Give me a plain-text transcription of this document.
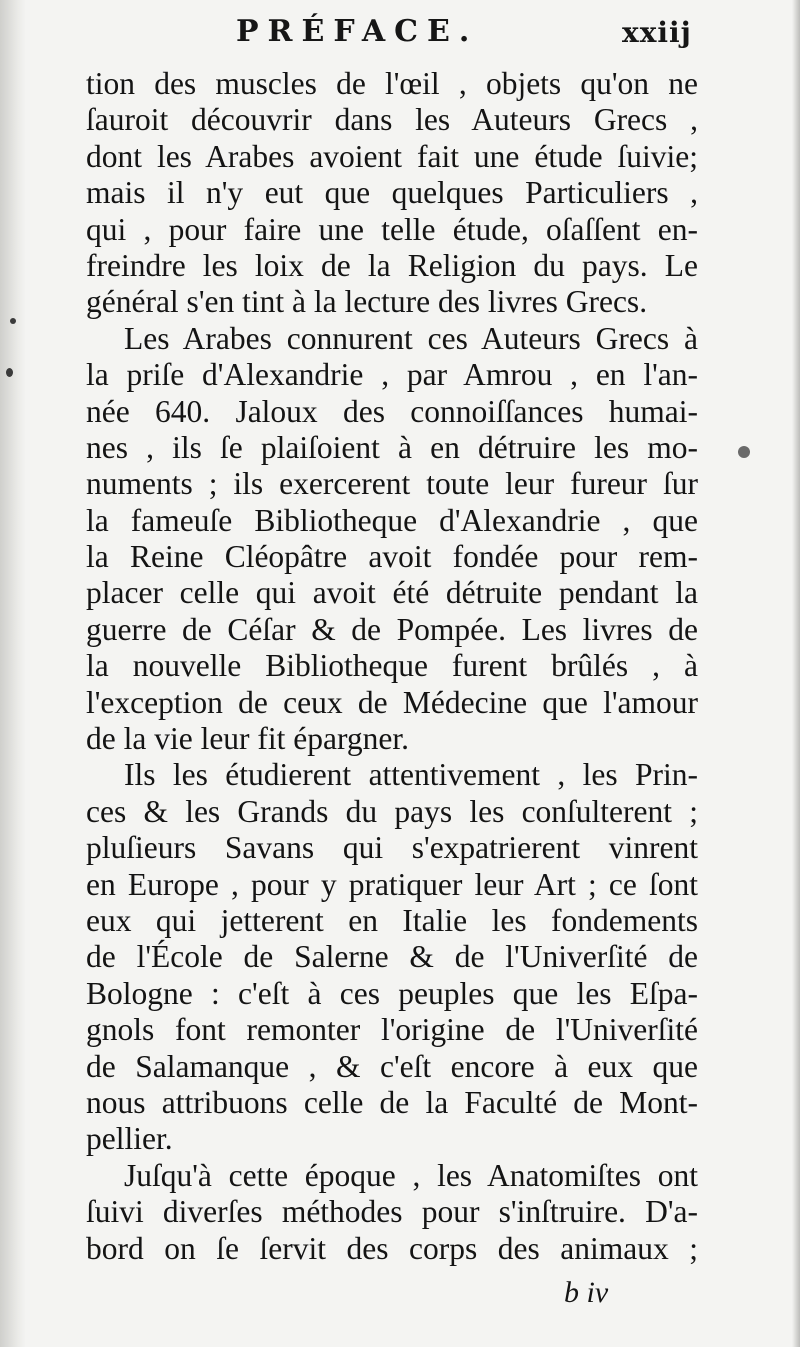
PRÉFACE.	xxiij
tion des muscles de l'œil , objets qu'on ne
ſauroit découvrir dans les Auteurs Grecs ,
dont les Arabes avoient fait une étude ſuivie;
mais il n'y eut que quelques Particuliers ,
qui , pour faire une telle étude, oſaſſent en-
freindre les loix de la Religion du pays. Le
général s'en tint à la lecture des livres Grecs.
Les Arabes connurent ces Auteurs Grecs à
la priſe d'Alexandrie , par Amrou , en l'an-
née 640. Jaloux des connoiſſances humai-
nes , ils ſe plaiſoient à en détruire les mo-
numents ; ils exercerent toute leur fureur ſur
la fameuſe Bibliotheque d'Alexandrie , que
la Reine Cléopâtre avoit fondée pour rem-
placer celle qui avoit été détruite pendant la
guerre de Céſar & de Pompée. Les livres de
la nouvelle Bibliotheque furent brûlés , à
l'exception de ceux de Médecine que l'amour
de la vie leur fit épargner.
Ils les étudierent attentivement , les Prin-
ces & les Grands du pays les conſulterent ;
pluſieurs Savans qui s'expatrierent vinrent
en Europe , pour y pratiquer leur Art ; ce ſont
eux qui jetterent en Italie les fondements
de l'École de Salerne & de l'Univerſité de
Bologne : c'eſt à ces peuples que les Eſpa-
gnols font remonter l'origine de l'Univerſité
de Salamanque , & c'eſt encore à eux que
nous attribuons celle de la Faculté de Mont-
pellier.
Juſqu'à cette époque , les Anatomiſtes ont
ſuivi diverſes méthodes pour s'inſtruire. D'a-
bord on ſe ſervit des corps des animaux ;
b iv
